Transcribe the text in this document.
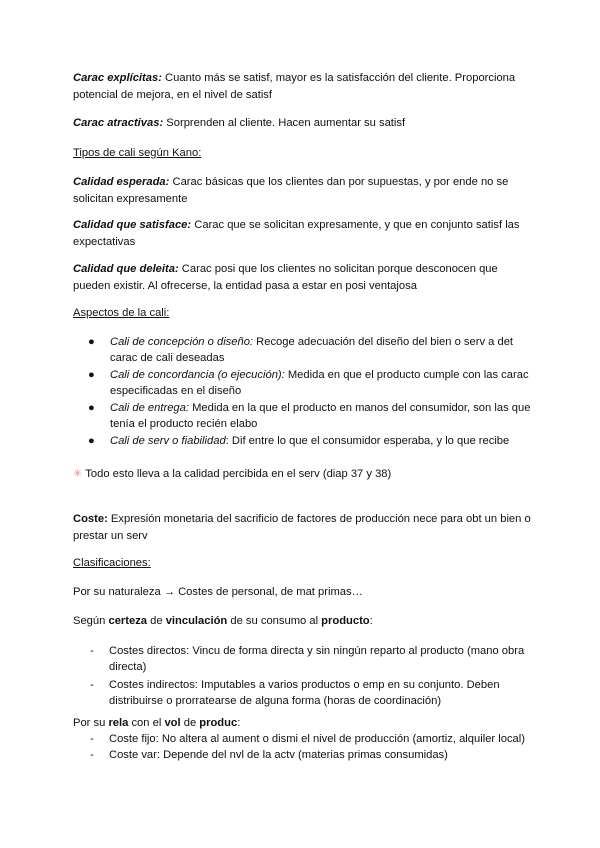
Carac explícitas: Cuanto más se satisf, mayor es la satisfacción del cliente. Proporciona potencial de mejora, en el nivel de satisf

Carac atractivas: Sorprenden al cliente. Hacen aumentar su satisf

Tipos de cali según Kano:

Calidad esperada: Carac básicas que los clientes dan por supuestas, y por ende no se solicitan expresamente

Calidad que satisface: Carac que se solicitan expresamente, y que en conjunto satisf las expectativas

Calidad que deleita: Carac posi que los clientes no solicitan porque desconocen que pueden existir. Al ofrecerse, la entidad pasa a estar en posi ventajosa

Aspectos de la cali:

● Cali de concepción o diseño: Recoge adecuación del diseño del bien o serv a det carac de cali deseadas
● Cali de concordancia (o ejecución): Medida en que el producto cumple con las carac especificadas en el diseño
● Cali de entrega: Medida en la que el producto en manos del consumidor, son las que tenía el producto recién elabo
● Cali de serv o fiabilidad: Dif entre lo que el consumidor esperaba, y lo que recibe

✳ Todo esto lleva a la calidad percibida en el serv (diap 37 y 38)

Coste: Expresión monetaria del sacrificio de factores de producción nece para obt un bien o prestar un serv

Clasificaciones:

Por su naturaleza → Costes de personal, de mat primas…

Según certeza de vinculación de su consumo al producto:

- Costes directos: Vincu de forma directa y sin ningún reparto al producto (mano obra directa)
- Costes indirectos: Imputables a varios productos o emp en su conjunto. Deben distribuirse o prorratearse de alguna forma (horas de coordinación)

Por su rela con el vol de produc:

- Coste fijo: No altera al aument o dismi el nivel de producción (amortiz, alquiler local)
- Coste var: Depende del nvl de la actv (materias primas consumidas)
